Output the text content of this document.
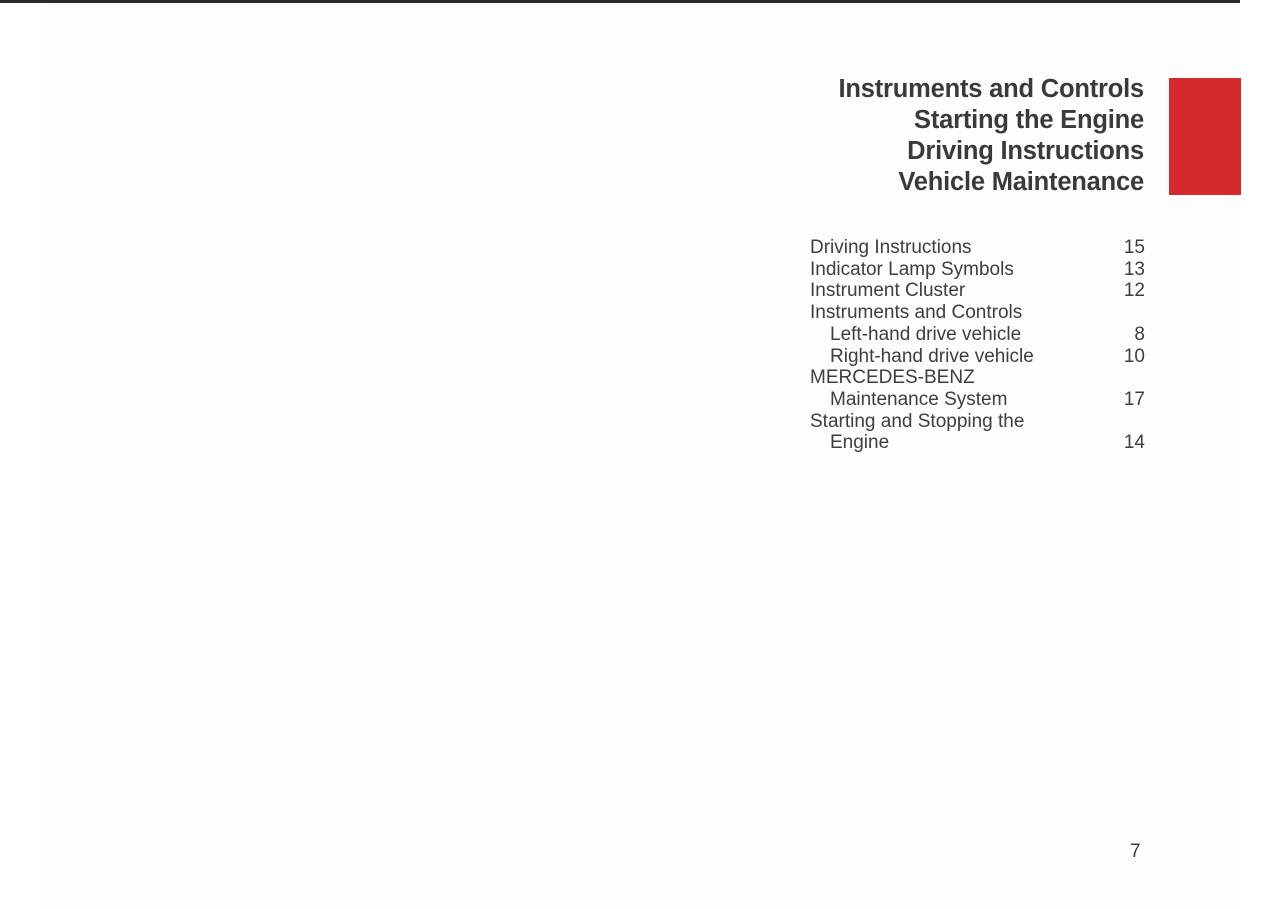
Instruments and Controls
Starting the Engine
Driving Instructions
Vehicle Maintenance
Driving Instructions	15
Indicator Lamp Symbols	13
Instrument Cluster	12
Instruments and Controls
Left-hand drive vehicle	8
Right-hand drive vehicle	10
MERCEDES-BENZ
Maintenance System	17
Starting and Stopping the
Engine	14
7
